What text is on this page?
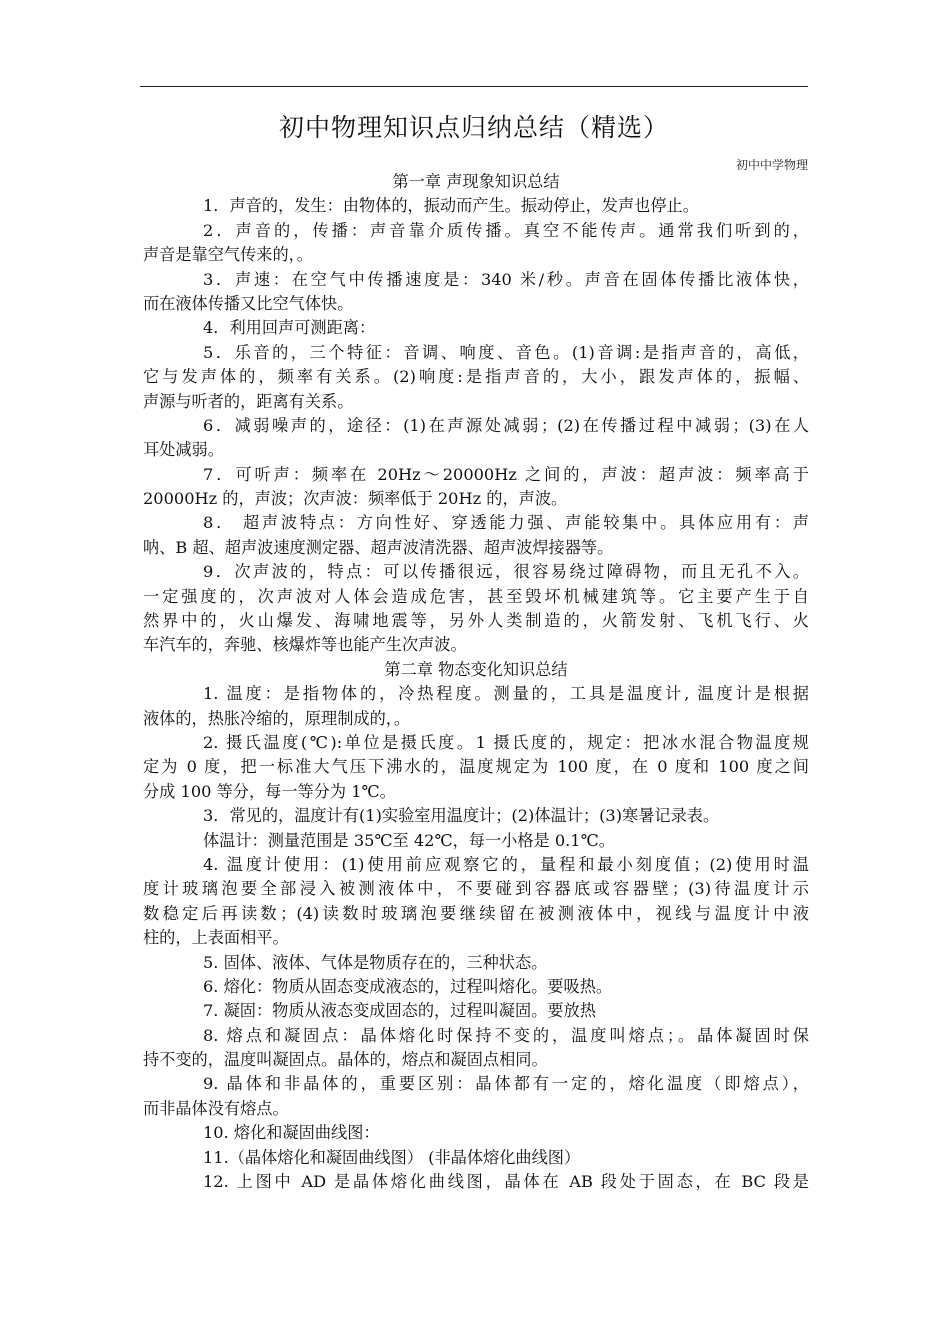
初中物理知识点归纳总结（精选）
初中中学物理
第一章 声现象知识总结
1．声音的，发生：由物体的，振动而产生。振动停止，发声也停止。
2．声音的，传播：声音靠介质传播。真空不能传声。通常我们听到的，
声音是靠空气传来的，。
3．声速：在空气中传播速度是：340 米/秒。声音在固体传播比液体快，
而在液体传播又比空气体快。
4．利用回声可测距离：
5．乐音的，三个特征：音调、响度、音色。(1)音调:是指声音的，高低，
它与发声体的，频率有关系。(2)响度:是指声音的，大小，跟发声体的，振幅、
声源与听者的，距离有关系。
6．减弱噪声的，途径：(1)在声源处减弱；(2)在传播过程中减弱；(3)在人
耳处减弱。
7．可听声：频率在 20Hz～20000Hz 之间的，声波：超声波：频率高于
20000Hz 的，声波；次声波：频率低于 20Hz 的，声波。
8． 超声波特点：方向性好、穿透能力强、声能较集中。具体应用有：声
呐、B 超、超声波速度测定器、超声波清洗器、超声波焊接器等。
9．次声波的，特点：可以传播很远，很容易绕过障碍物，而且无孔不入。
一定强度的，次声波对人体会造成危害，甚至毁坏机械建筑等。它主要产生于自
然界中的，火山爆发、海啸地震等，另外人类制造的，火箭发射、飞机飞行、火
车汽车的，奔驰、核爆炸等也能产生次声波。
第二章 物态变化知识总结
1. 温度：是指物体的，冷热程度。测量的，工具是温度计, 温度计是根据
液体的，热胀冷缩的，原理制成的，。
2. 摄氏温度(℃):单位是摄氏度。1 摄氏度的，规定：把冰水混合物温度规
定为 0 度，把一标准大气压下沸水的，温度规定为 100 度，在 0 度和 100 度之间
分成 100 等分，每一等分为 1℃。
3．常见的，温度计有(1)实验室用温度计；(2)体温计；(3)寒暑记录表。
体温计：测量范围是 35℃至 42℃，每一小格是 0.1℃。
4. 温度计使用：(1)使用前应观察它的，量程和最小刻度值；(2)使用时温
度计玻璃泡要全部浸入被测液体中，不要碰到容器底或容器壁；(3)待温度计示
数稳定后再读数；(4)读数时玻璃泡要继续留在被测液体中，视线与温度计中液
柱的，上表面相平。
5. 固体、液体、气体是物质存在的，三种状态。
6. 熔化：物质从固态变成液态的，过程叫熔化。要吸热。
7. 凝固：物质从液态变成固态的，过程叫凝固。要放热
8. 熔点和凝固点：晶体熔化时保持不变的，温度叫熔点；。晶体凝固时保
持不变的，温度叫凝固点。晶体的，熔点和凝固点相同。
9. 晶体和非晶体的，重要区别：晶体都有一定的，熔化温度（即熔点），
而非晶体没有熔点。
10. 熔化和凝固曲线图：
11.（晶体熔化和凝固曲线图） (非晶体熔化曲线图）
12. 上图中 AD 是晶体熔化曲线图，晶体在 AB 段处于固态，在 BC 段是
